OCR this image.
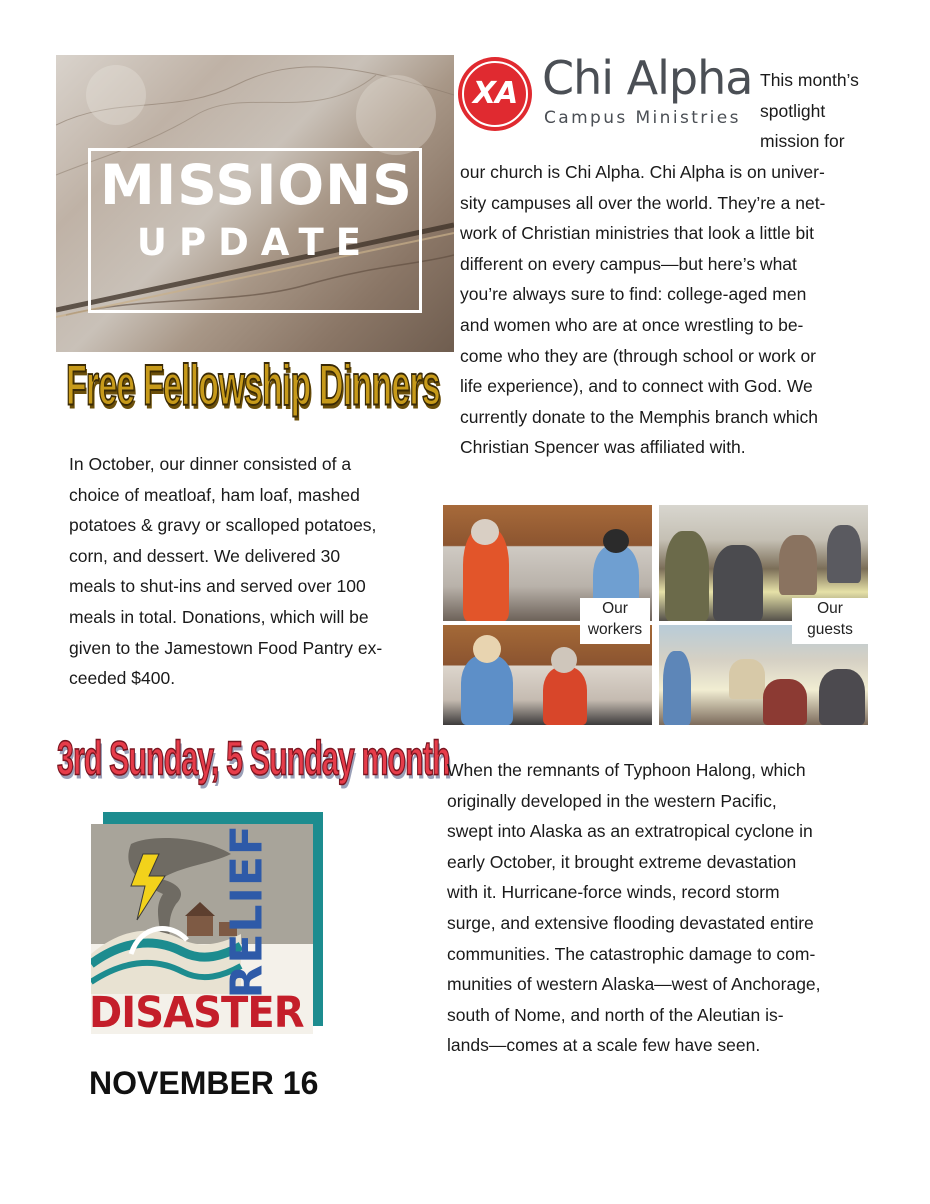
MISSIONS
UPDATE
XA Chi Alpha
Campus Ministries

This month’s

spotlight

mission for

our church is Chi Alpha. Chi Alpha is on univer-

sity campuses all over the world. They’re a net-

work of Christian ministries that look a little bit

different on every campus—but here’s what

you’re always sure to find: college-aged men

and women who are at once wrestling to be-

come who they are (through school or work or

life experience), and to connect with God. We

currently donate to the Memphis branch which

Christian Spencer was affiliated with.

Free Fellowship Dinners

In October, our dinner consisted of a

choice of meatloaf, ham loaf, mashed

potatoes & gravy or scalloped potatoes,

corn, and dessert. We delivered 30

meals to shut-ins and served over 100

meals in total. Donations, which will be

given to the Jamestown Food Pantry ex-

ceeded $400.

Our
workers
Our
guests
3rd Sunday, 5 Sunday month

When the remnants of Typhoon Halong, which

originally developed in the western Pacific,

swept into Alaska as an extratropical cyclone in

early October, it brought extreme devastation

with it. Hurricane-force winds, record storm

surge, and extensive flooding devastated entire

communities. The catastrophic damage to com-

munities of western Alaska—west of Anchorage,

south of Nome, and north of the Aleutian is-

lands—comes at a scale few have seen.

RELIEF
DISASTER
NOVEMBER 16
